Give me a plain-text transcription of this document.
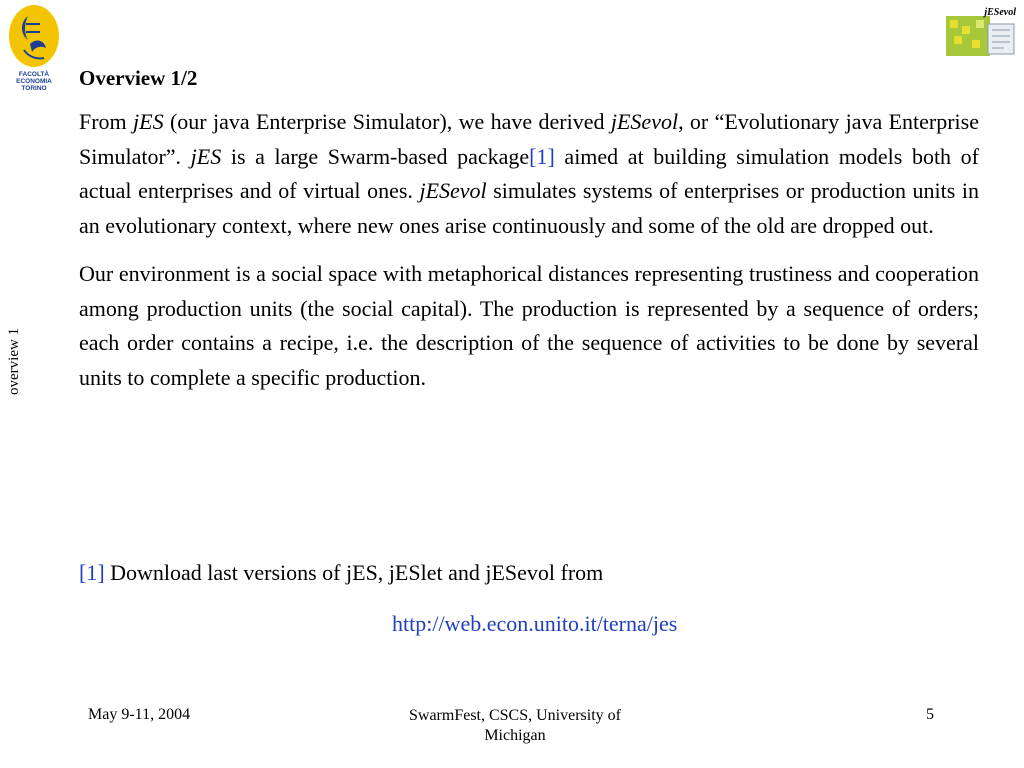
FACOLTÀ
ECONOMIA
TORINO
jESevol
overview 1
Overview 1/2
From jES (our java Enterprise Simulator), we have derived jESevol, or “Evolutionary java Enterprise Simulator”. jES is a large Swarm-based package[1] aimed at building simulation models both of actual enterprises and of virtual ones. jESevol simulates systems of enterprises or production units in an evolutionary context, where new ones arise continuously and some of the old are dropped out.
Our environment is a social space with metaphorical distances representing trustiness and cooperation among production units (the social capital). The production is represented by a sequence of orders; each order contains a recipe, i.e. the description of the sequence of activities to be done by several units to complete a specific production.
[1] Download last versions of jES, jESlet and jESevol from
http://web.econ.unito.it/terna/jes
May 9-11, 2004	SwarmFest, CSCS, University of
Michigan
5
